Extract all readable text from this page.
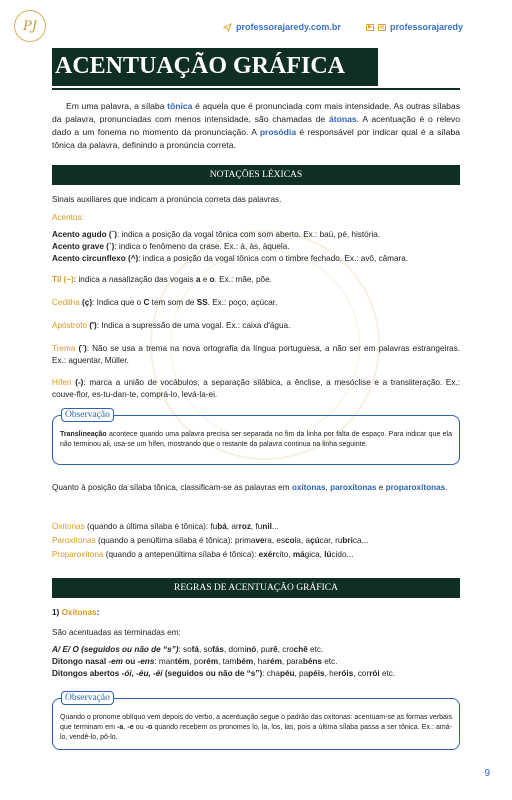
PJ	professorajaredy.com.br	▶	◎ professorajaredy
ACENTUAÇÃO GRÁFICA

Em uma palavra, a sílaba tônica é aquela que é pronunciada com mais intensidade. As outras sílabas da palavra, pronunciadas com menos intensidade, são chamadas de átonas. A acentuação é o relevo dado a um fonema no momento da pronunciação. A prosódia é responsável por indicar qual é a sílaba tônica da palavra, definindo a pronúncia correta.

NOTAÇÕES LÉXICAS

Sinais auxiliares que indicam a pronúncia correta das palavras.

Acentos:

Acento agudo (´): indica a posição da vogal tônica com som aberto. Ex.: baú, pé, história.

Acento grave (`): indica o fenômeno da crase. Ex.: à, às, àquela.

Acento circunflexo (^): indica a posição da vogal tônica com o timbre fechado. Ex.: avô, câmara.

Til (~): indica a nasalização das vogais a e o. Ex.: mãe, põe.

Cedilha (ç): Indica que o C tem som de SS. Ex.: poço, açúcar.

Apóstrofo ('): Indica a supressão de uma vogal. Ex.: caixa d'água.

Trema (¨): Não se usa a trema na nova ortografia da língua portuguesa, a não ser em palavras estrangeiras. Ex.: aguentar, Müller.

Hífen (-): marca a união de vocábulos, a separação silábica, a ênclise, a mesóclise e a transliteração. Ex.: couve-flor, es-tu-dan-te, comprá-lo, levá-la-ei.

Observação

Translineação acontece quando uma palavra precisa ser separada no fim da linha por falta de espaço. Para indicar que ela não terminou ali, usa-se um hífen, mostrando que o restante da palavra continua na linha seguinte.

Quanto à posição da sílaba tônica, classificam-se as palavras em oxítonas, paroxítonas e proparoxítonas.

Oxítonas (quando a última sílaba é tônica): fubá, arroz, funil...

Paroxítonas (quando a penúltima sílaba é tônica): primavera, escola, açúcar, rubrica...

Proparoxítona (quando a antepenúltima sílaba é tônica): exército, mágica, lúcido...

REGRAS DE ACENTUAÇÃO GRÁFICA

1) Oxítonas:

São acentuadas as terminadas em:

A/ E/ O (seguidos ou não de “s”): sofá, sofás, dominó, purê, crochê etc.

Ditongo nasal -em ou -ens: mantém, porém, também, harém, parabéns etc.

Ditongos abertos -ói, -éu, -éi (seguidos ou não de “s”): chapéu, papéis, heróis, corrói etc.

Observação

Quando o pronome oblíquo vem depois do verbo, a acentuação segue o padrão das oxítonas: acentuam-se as formas verbais que terminam em -a, -e ou -o quando recebem os pronomes lo, la, los, las, pois a última sílaba passa a ser tônica. Ex.: amá-lo, vendê-lo, pô-lo.

9
